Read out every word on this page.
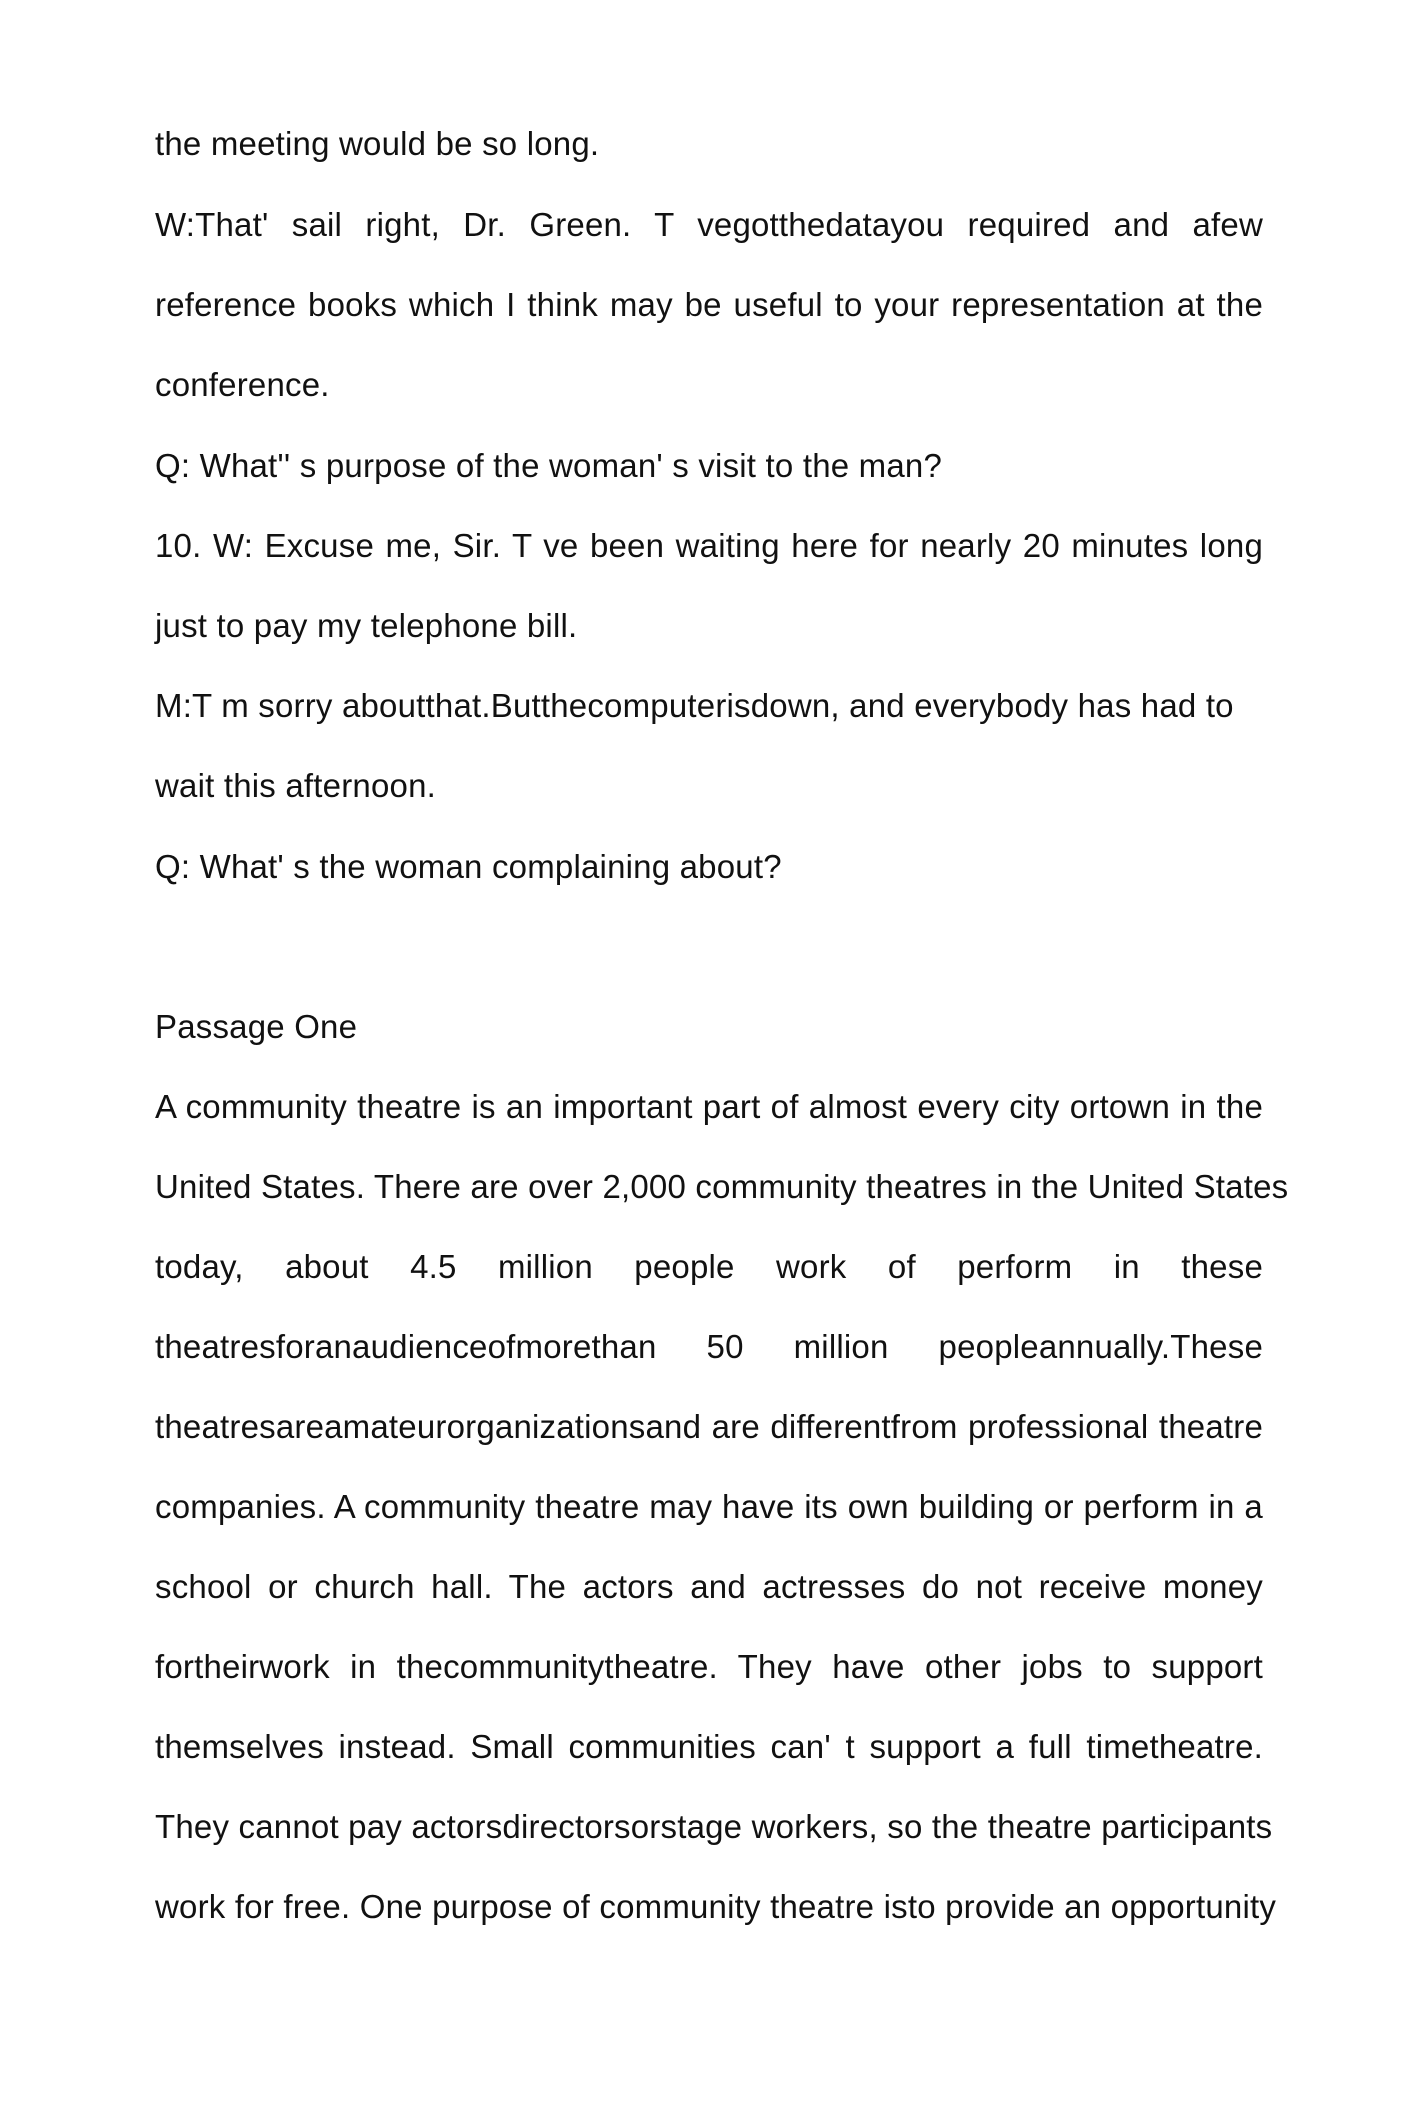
the meeting would be so long.
W:That' sail right, Dr. Green. T vegotthedatayou required and afew
reference books which I think may be useful to your representation at the
conference.
Q: What'' s purpose of the woman' s visit to the man?
10. W: Excuse me, Sir. T ve been waiting here for nearly 20 minutes long
just to pay my telephone bill.
M:T m sorry aboutthat.Butthecomputerisdown, and everybody has had to
wait this afternoon.
Q: What' s the woman complaining about?
Passage One
A community theatre is an important part of almost every city ortown in the
United States. There are over 2,000 community theatres in the United States
today, about 4.5 million people work of perform in these
theatresforanaudienceofmorethan 50 million peopleannually.These
theatresareamateurorganizationsand are differentfrom professional theatre
companies. A community theatre may have its own building or perform in a
school or church hall. The actors and actresses do not receive money
fortheirwork in thecommunitytheatre. They have other jobs to support
themselves instead. Small communities can' t support a full timetheatre.
They cannot pay actorsdirectorsorstage workers, so the theatre participants
work for free. One purpose of community theatre isto provide an opportunity
